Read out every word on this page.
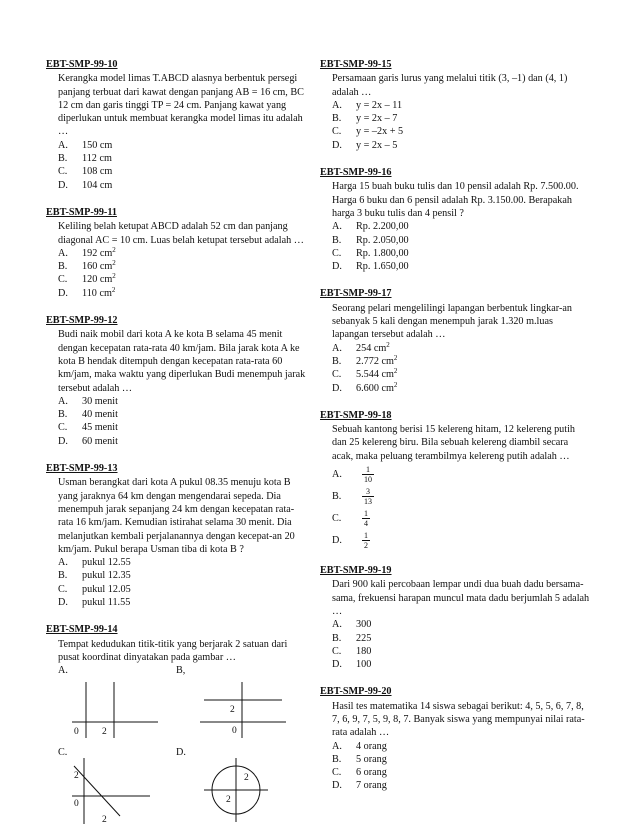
EBT-SMP-99-10
Kerangka model limas T.ABCD alasnya berbentuk persegi panjang terbuat dari kawat dengan panjang AB = 16 cm, BC 12 cm dan garis tinggi TP = 24 cm. Panjang kawat yang diperlukan untuk membuat kerangka model limas itu adalah …
A.	150 cm
B.	112 cm
C.	108 cm
D.	104 cm
EBT-SMP-99-11
Keliling belah ketupat ABCD adalah 52 cm dan panjang diagonal AC = 10 cm. Luas belah ketupat tersebut adalah …
A.	192 $cm^2$
B.	160 $cm^2$
C.	120 $cm^2$
D.	110 $cm^2$
EBT-SMP-99-12
Budi naik mobil dari kota A ke kota B selama 45 menit dengan kecepatan rata-rata 40 km/jam. Bila jarak kota A ke kota B hendak ditempuh dengan kecepatan rata-rata 60 km/jam, maka waktu yang diperlukan Budi menempuh jarak tersebut adalah …
A.	30 menit
B.	40 menit
C.	45 menit
D.	60 menit
EBT-SMP-99-13
Usman berangkat dari kota A pukul 08.35 menuju kota B yang jaraknya 64 km dengan mengendarai sepeda. Dia menempuh jarak sepanjang 24 km dengan kecepatan rata-rata 16 km/jam. Kemudian istirahat selama 30 menit. Dia melanjutkan kembali perjalanannya dengan kecepat-an 20 km/jam. Pukul berapa Usman tiba di kota B ?
A.	pukul 12.55
B.	pukul 12.35
C.	pukul 12.05
D.	pukul 11.55
EBT-SMP-99-14
Tempat kedudukan titik-titik yang berjarak 2 satuan dari pusat koordinat dinyatakan pada gambar …
A.	B,
C.	D.
0 2
2
0
2
0
2
2
2
EBT-SMP-99-15
Persamaan garis lurus yang melalui titik (3, –1) dan (4, 1) adalah …
A.	y = 2x – 11
B.	y = 2x – 7
C.	y = –2x + 5
D.	y = 2x – 5
EBT-SMP-99-16
Harga 15 buah buku tulis dan 10 pensil adalah Rp. 7.500.00. Harga 6 buku dan 6 pensil adalah Rp. 3.150.00. Berapakah harga 3 buku tulis dan 4 pensil ?
A.	Rp. 2.200,00
B.	Rp. 2.050,00
C.	Rp. 1.800,00
D.	Rp. 1.650,00
EBT-SMP-99-17
Seorang pelari mengelilingi lapangan berbentuk lingkar-an sebanyak 5 kali dengan menempuh jarak 1.320 m.luas lapangan tersebut adalah …
A.	254 $cm^2$
B.	2.772 $cm^2$
C.	5.544 $cm^2$
D.	6.600 $cm^2$
EBT-SMP-99-18
Sebuah kantong berisi 15 kelereng hitam, 12 kelereng putih dan 25 kelereng biru. Bila sebuah kelereng diambil secara acak, maka peluang terambilmya kelereng putih adalah …
A.	$\frac{1}{10}$
B.	$\frac{3}{13}$
C.	$\frac{1}{4}$
D.	$\frac{1}{2}$
EBT-SMP-99-19
Dari 900 kali percobaan lempar undi dua buah dadu bersama-sama, frekuensi harapan muncul mata dadu berjumlah 5 adalah …
A.	300
B.	225
C.	180
D.	100
EBT-SMP-99-20
Hasil tes matematika 14 siswa sebagai berikut: 4, 5, 5, 6, 7, 8, 7, 6, 9, 7, 5, 9, 8, 7. Banyak siswa yang mempunyai nilai rata-rata adalah …
A.	4 orang
B.	5 orang
C.	6 orang
D.	7 orang
